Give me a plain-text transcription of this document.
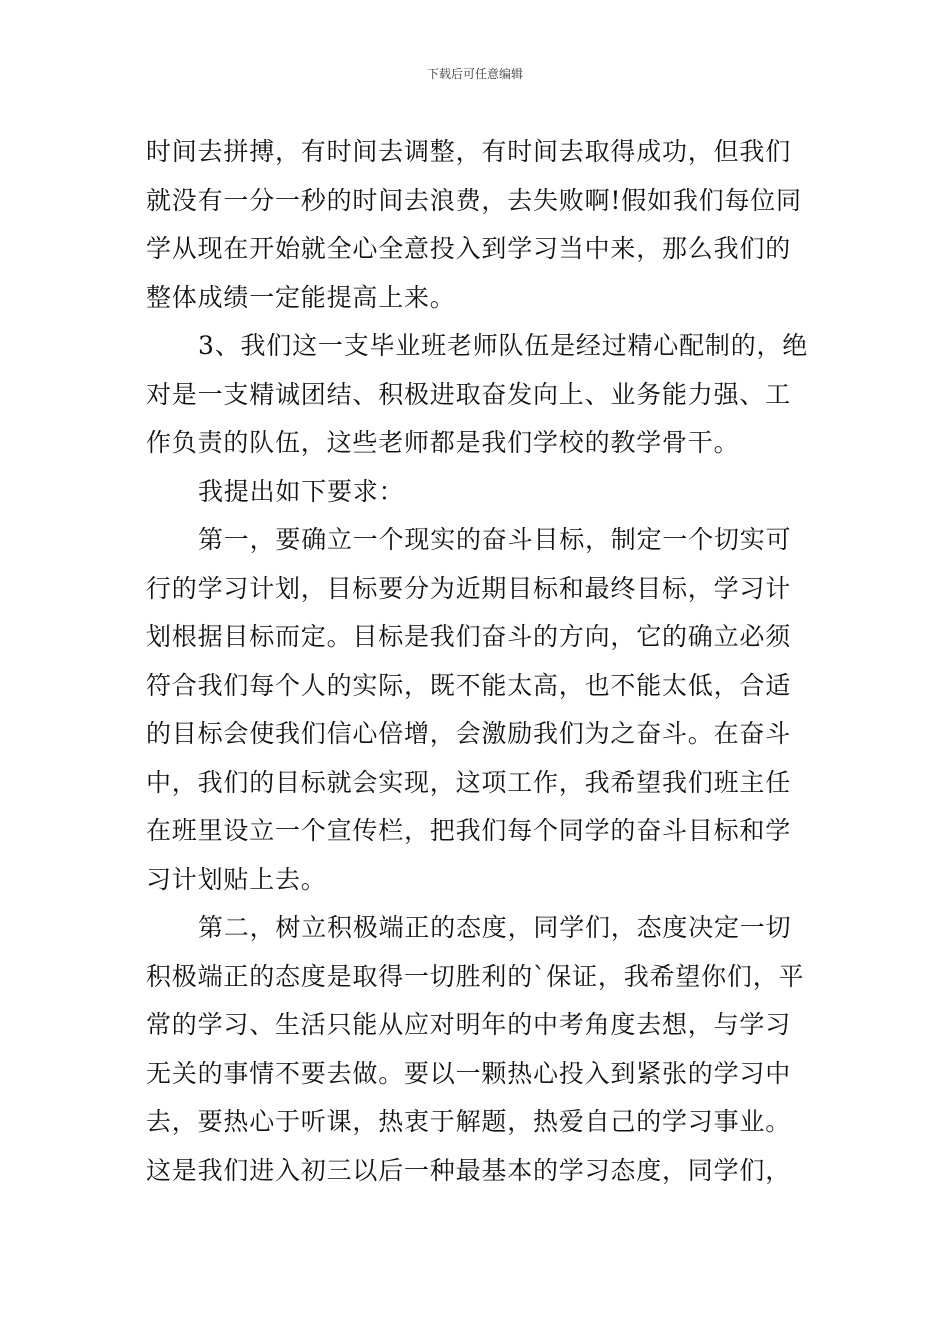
下载后可任意编辑
时间去拼搏，有时间去调整，有时间去取得成功，但我们
就没有一分一秒的时间去浪费，去失败啊!假如我们每位同
学从现在开始就全心全意投入到学习当中来，那么我们的
整体成绩一定能提高上来。
3、我们这一支毕业班老师队伍是经过精心配制的，绝
对是一支精诚团结、积极进取奋发向上、业务能力强、工
作负责的队伍，这些老师都是我们学校的教学骨干。
我提出如下要求：
第一，要确立一个现实的奋斗目标，制定一个切实可
行的学习计划，目标要分为近期目标和最终目标，学习计
划根据目标而定。目标是我们奋斗的方向，它的确立必须
符合我们每个人的实际，既不能太高，也不能太低，合适
的目标会使我们信心倍增，会激励我们为之奋斗。在奋斗
中，我们的目标就会实现，这项工作，我希望我们班主任
在班里设立一个宣传栏，把我们每个同学的奋斗目标和学
习计划贴上去。
第二，树立积极端正的态度，同学们，态度决定一切
积极端正的态度是取得一切胜利的`保证，我希望你们，平
常的学习、生活只能从应对明年的中考角度去想，与学习
无关的事情不要去做。要以一颗热心投入到紧张的学习中
去，要热心于听课，热衷于解题，热爱自己的学习事业。
这是我们进入初三以后一种最基本的学习态度，同学们，
